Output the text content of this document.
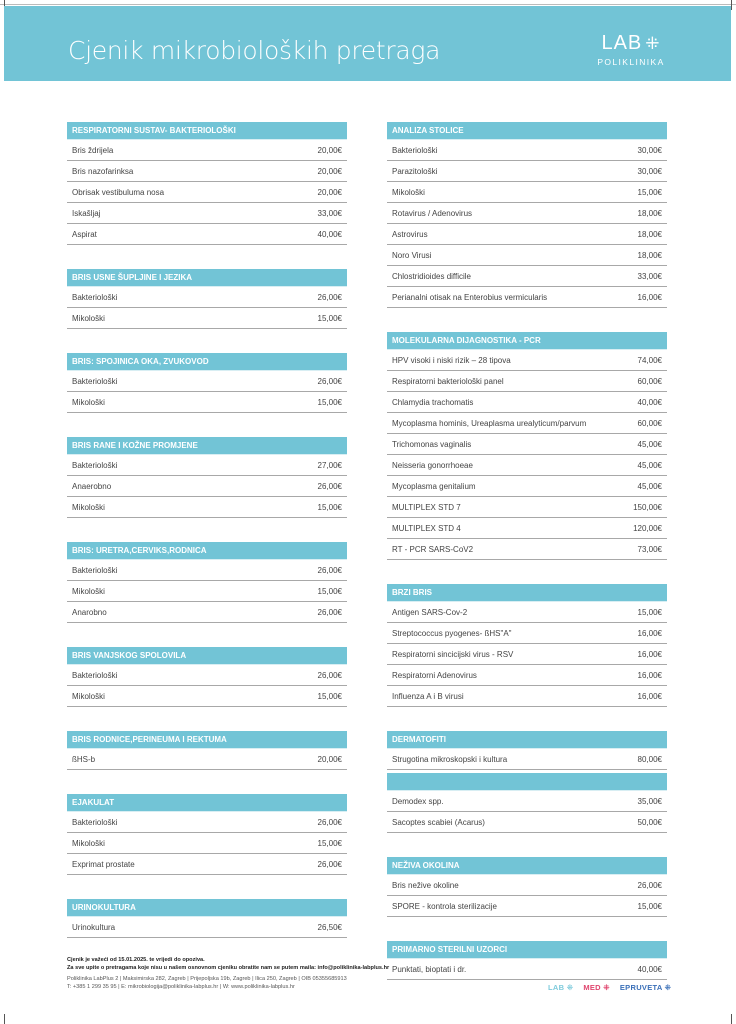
Cjenik mikrobioloških pretraga	LAB ⁜
POLIKLINIKA
RESPIRATORNI SUSTAV- BAKTERIOLOŠKI
Bris ždrijela	20,00€
Bris nazofarinksa	20,00€
Obrisak vestibuluma nosa	20,00€
Iskašljaj	33,00€
Aspirat	40,00€
BRIS USNE ŠUPLJINE I JEZIKA
Bakteriološki	26,00€
Mikološki	15,00€
BRIS: SPOJINICA OKA, ZVUKOVOD
Bakteriološki	26,00€
Mikološki	15,00€
BRIS RANE I KOŽNE PROMJENE
Bakteriološki	27,00€
Anaerobno	26,00€
Mikološki	15,00€
BRIS: URETRA,CERVIKS,RODNICA
Bakteriološki	26,00€
Mikološki	15,00€
Anarobno	26,00€
BRIS VANJSKOG SPOLOVILA
Bakteriološki	26,00€
Mikološki	15,00€
BRIS RODNICE,PERINEUMA I REKTUMA
ßHS-b	20,00€
EJAKULAT
Bakteriološki	26,00€
Mikološki	15,00€
Exprimat prostate	26,00€
URINOKULTURA
Urinokultura	26,50€
ANALIZA STOLICE
Bakteriološki	30,00€
Parazitološki	30,00€
Mikološki	15,00€
Rotavirus / Adenovirus	18,00€
Astrovirus	18,00€
Noro Virusi	18,00€
Chlostridioides difficile	33,00€
Perianalni otisak na Enterobius vermicularis	16,00€
MOLEKULARNA DIJAGNOSTIKA - PCR
HPV visoki i niski rizik – 28 tipova	74,00€
Respiratorni bakteriološki panel	60,00€
Chlamydia trachomatis	40,00€
Mycoplasma hominis, Ureaplasma urealyticum/parvum	60,00€
Trichomonas vaginalis	45,00€
Neisseria gonorrhoeae	45,00€
Mycoplasma genitalium	45,00€
MULTIPLEX STD 7	150,00€
MULTIPLEX STD 4	120,00€
RT - PCR SARS-CoV2	73,00€
BRZI BRIS
Antigen SARS-Cov-2	15,00€
Streptococcus pyogenes- ßHS"A"	16,00€
Respiratorni sincicijski virus - RSV	16,00€
Respiratorni Adenovirus	16,00€
Influenza A i B virusi	16,00€
DERMATOFITI
Strugotina mikroskopski i kultura	80,00€
Demodex spp.	35,00€
Sacoptes scabiei (Acarus)	50,00€
NEŽIVA OKOLINA
Bris nežive okoline	26,00€
SPORE - kontrola sterilizacije	15,00€
PRIMARNO STERILNI UZORCI
Punktati, bioptati i dr.	40,00€
Cjenik je važeći od 15.01.2025. te vrijedi do opoziva.
Za sve upite o pretragama koje nisu u našem osnovnom cjeniku obratite nam se putem maila: info@poliklinika-labplus.hr
Poliklinika LabPlus 2 | Maksimirska 282, Zagreb | Prijepoljska 19b, Zagreb | Ilica 250, Zagreb | OIB 05355685913
T: +385 1 299 35 95 | E: mikrobiologija@poliklinika-labplus.hr | W: www.poliklinika-labplus.hr	LAB ⁜ MED ⁜ EPRUVETA ⁜
